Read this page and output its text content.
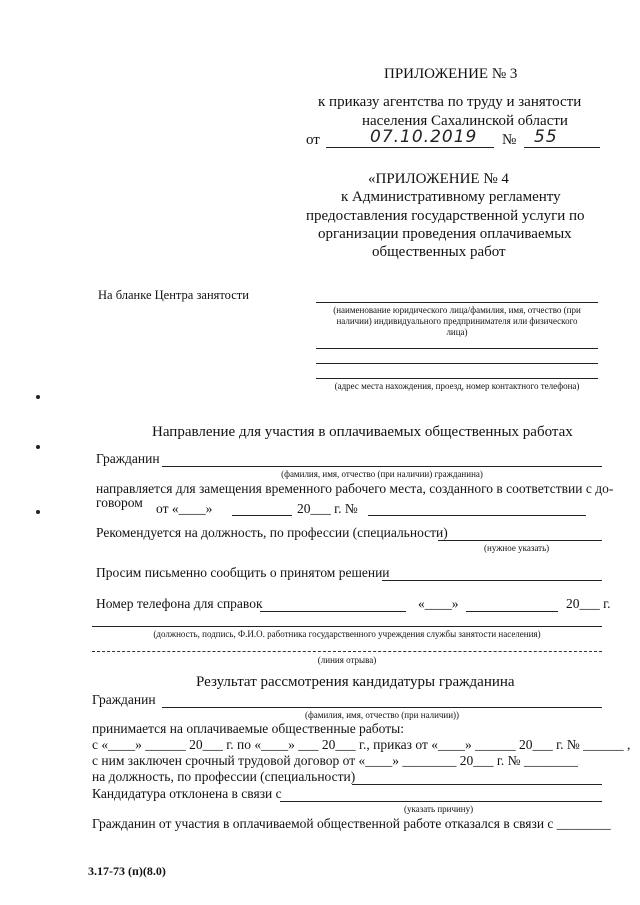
ПРИЛОЖЕНИЕ № 3
к приказу агентства по труду и занятости
населения Сахалинской области
от	07.10.2019 № 55
«ПРИЛОЖЕНИЕ № 4
к Административному регламенту
предоставления государственной услуги по
организации проведения оплачиваемых
общественных работ
На бланке Центра занятости
(наименование юридического лица/фамилия, имя, отчество (при
наличии) индивидуального предпринимателя или физического
лица)
(адрес места нахождения, проезд, номер контактного телефона)
Направление для участия в оплачиваемых общественных работах
Гражданин
(фамилия, имя, отчество (при наличии) гражданина)
направляется для замещения временного рабочего места, созданного в соответствии с до-
говором от «____»	20___ г. №
Рекомендуется на должность, по профессии (специальности)
(нужное указать)
Просим письменно сообщить о принятом решении
Номер телефона для справок	«____»	20___ г.
(должность, подпись, Ф.И.О. работника государственного учреждения службы занятости населения)
(линия отрыва)
Результат рассмотрения кандидатуры гражданина
Гражданин
(фамилия, имя, отчество (при наличии))
принимается на оплачиваемые общественные работы:
с «____» ______ 20___ г. по «____» ___ 20___ г., приказ от «____» ______ 20___ г. № ______ ,
с ним заключен срочный трудовой договор от «____» ________ 20___ г. № ________
на должность, по профессии (специальности)
Кандидатура отклонена в связи с
(указать причину)
Гражданин от участия в оплачиваемой общественной работе отказался в связи с ________
3.17-73 (п)(8.0)
